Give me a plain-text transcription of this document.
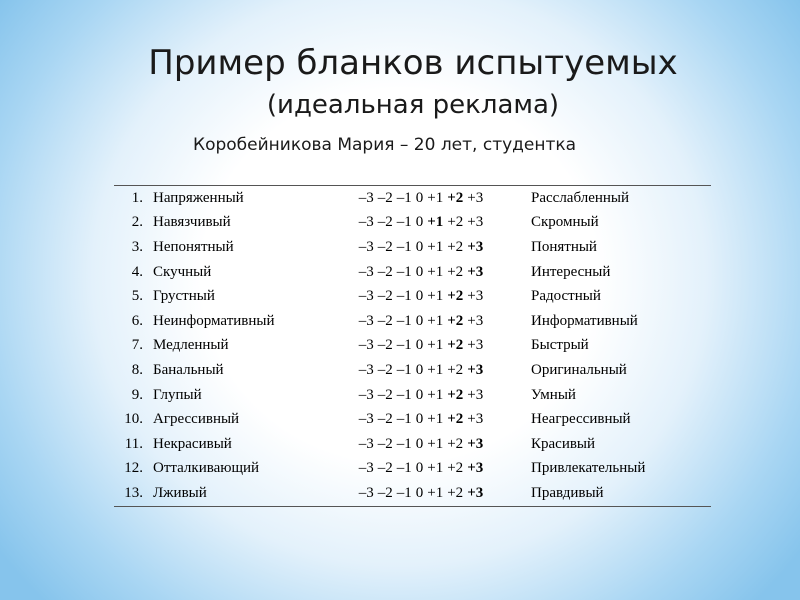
Пример бланков испытуемых
(идеальная реклама)
Коробейникова Мария – 20 лет, студентка
1.	Напряженный	–3 –2 –1 0 +1 +2 +3	Расслабленный
2.	Навязчивый	–3 –2 –1 0 +1 +2 +3	Скромный
3.	Непонятный	–3 –2 –1 0 +1 +2 +3	Понятный
4.	Скучный	–3 –2 –1 0 +1 +2 +3	Интересный
5.	Грустный	–3 –2 –1 0 +1 +2 +3	Радостный
6.	Неинформативный	–3 –2 –1 0 +1 +2 +3	Информативный
7.	Медленный	–3 –2 –1 0 +1 +2 +3	Быстрый
8.	Банальный	–3 –2 –1 0 +1 +2 +3	Оригинальный
9.	Глупый	–3 –2 –1 0 +1 +2 +3	Умный
10.	Агрессивный	–3 –2 –1 0 +1 +2 +3	Неагрессивный
11.	Некрасивый	–3 –2 –1 0 +1 +2 +3	Красивый
12.	Отталкивающий	–3 –2 –1 0 +1 +2 +3	Привлекательный
13.	Лживый	–3 –2 –1 0 +1 +2 +3	Правдивый
